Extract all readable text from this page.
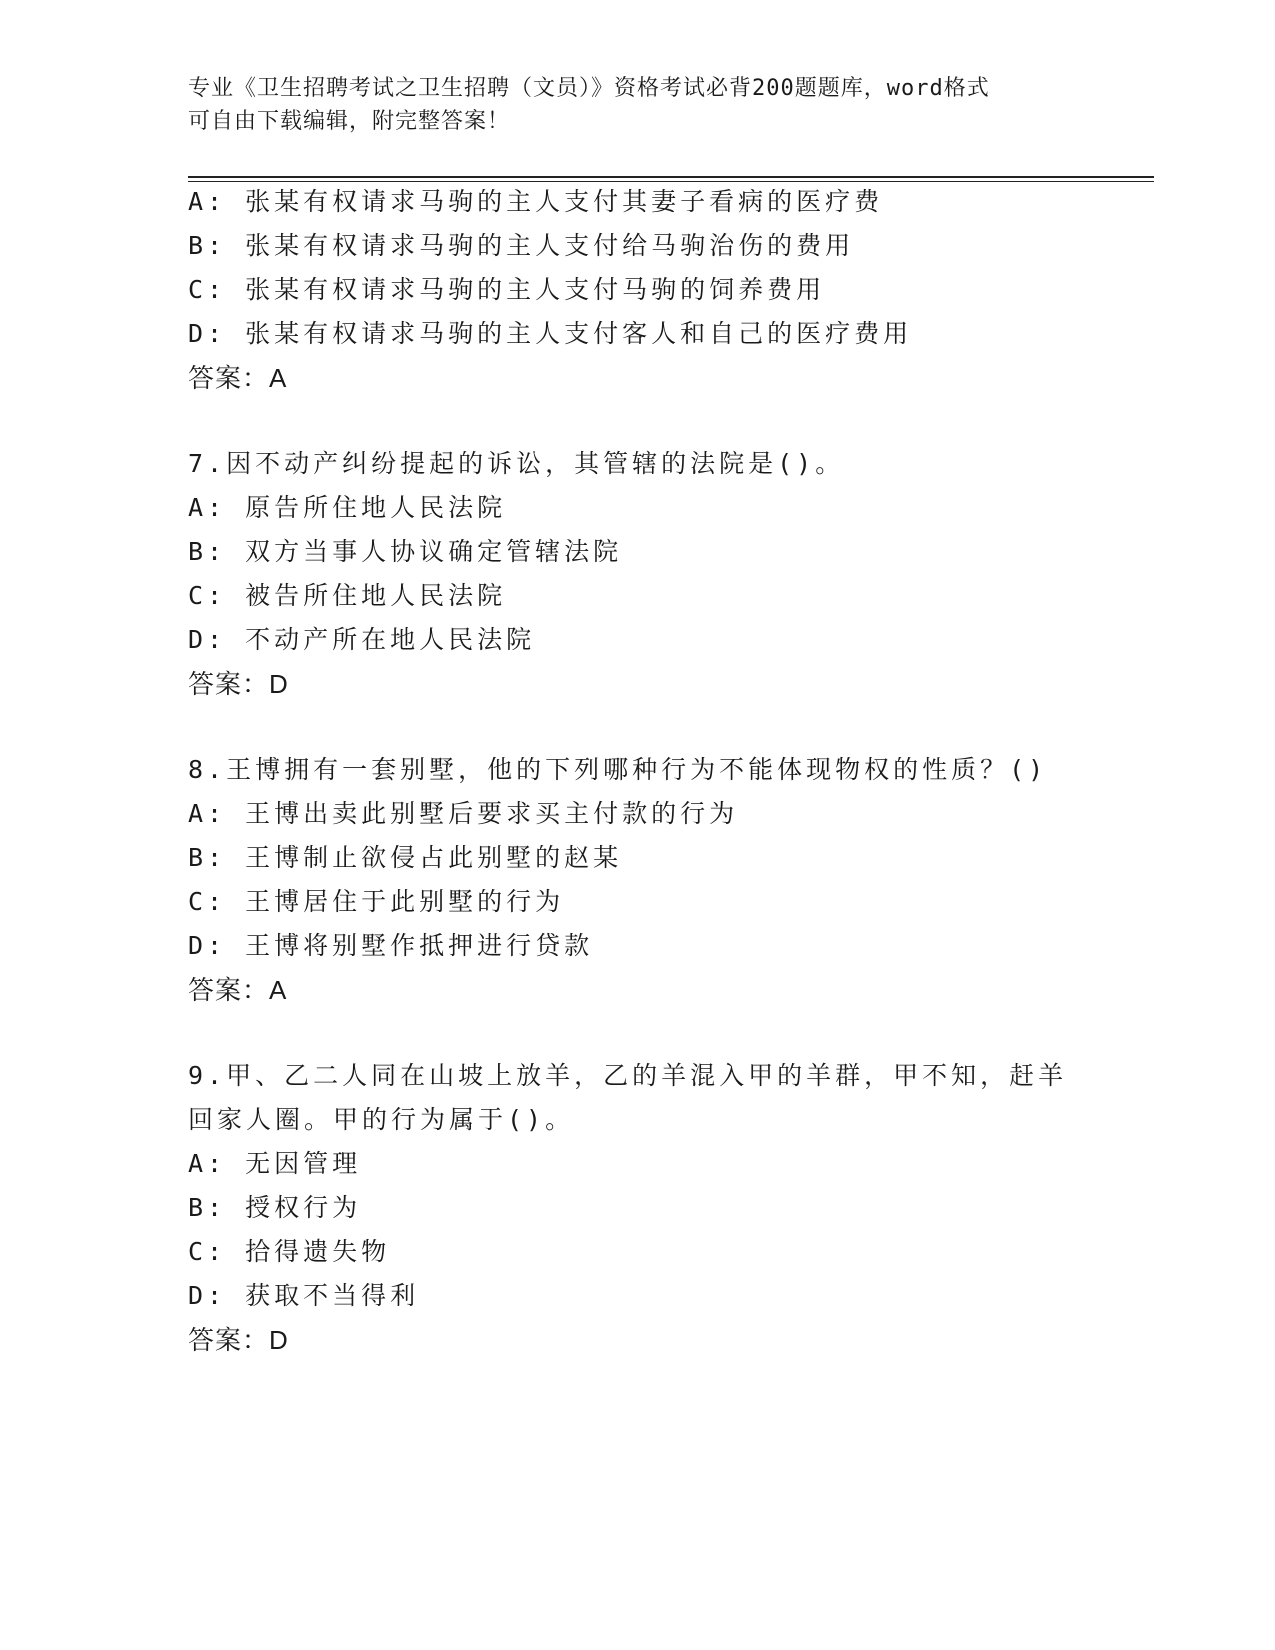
专业《卫生招聘考试之卫生招聘（文员）》资格考试必背200题题库，word格式
可自由下载编辑，附完整答案！
A: 张某有权请求马驹的主人支付其妻子看病的医疗费
B: 张某有权请求马驹的主人支付给马驹治伤的费用
C: 张某有权请求马驹的主人支付马驹的饲养费用
D: 张某有权请求马驹的主人支付客人和自己的医疗费用
答案：A
7.因不动产纠纷提起的诉讼，其管辖的法院是()。
A: 原告所住地人民法院
B: 双方当事人协议确定管辖法院
C: 被告所住地人民法院
D: 不动产所在地人民法院
答案：D
8.王博拥有一套别墅，他的下列哪种行为不能体现物权的性质？()
A: 王博出卖此别墅后要求买主付款的行为
B: 王博制止欲侵占此别墅的赵某
C: 王博居住于此别墅的行为
D: 王博将别墅作抵押进行贷款
答案：A
9.甲、乙二人同在山坡上放羊，乙的羊混入甲的羊群，甲不知，赶羊
回家人圈。甲的行为属于()。
A: 无因管理
B: 授权行为
C: 拾得遗失物
D: 获取不当得利
答案：D
